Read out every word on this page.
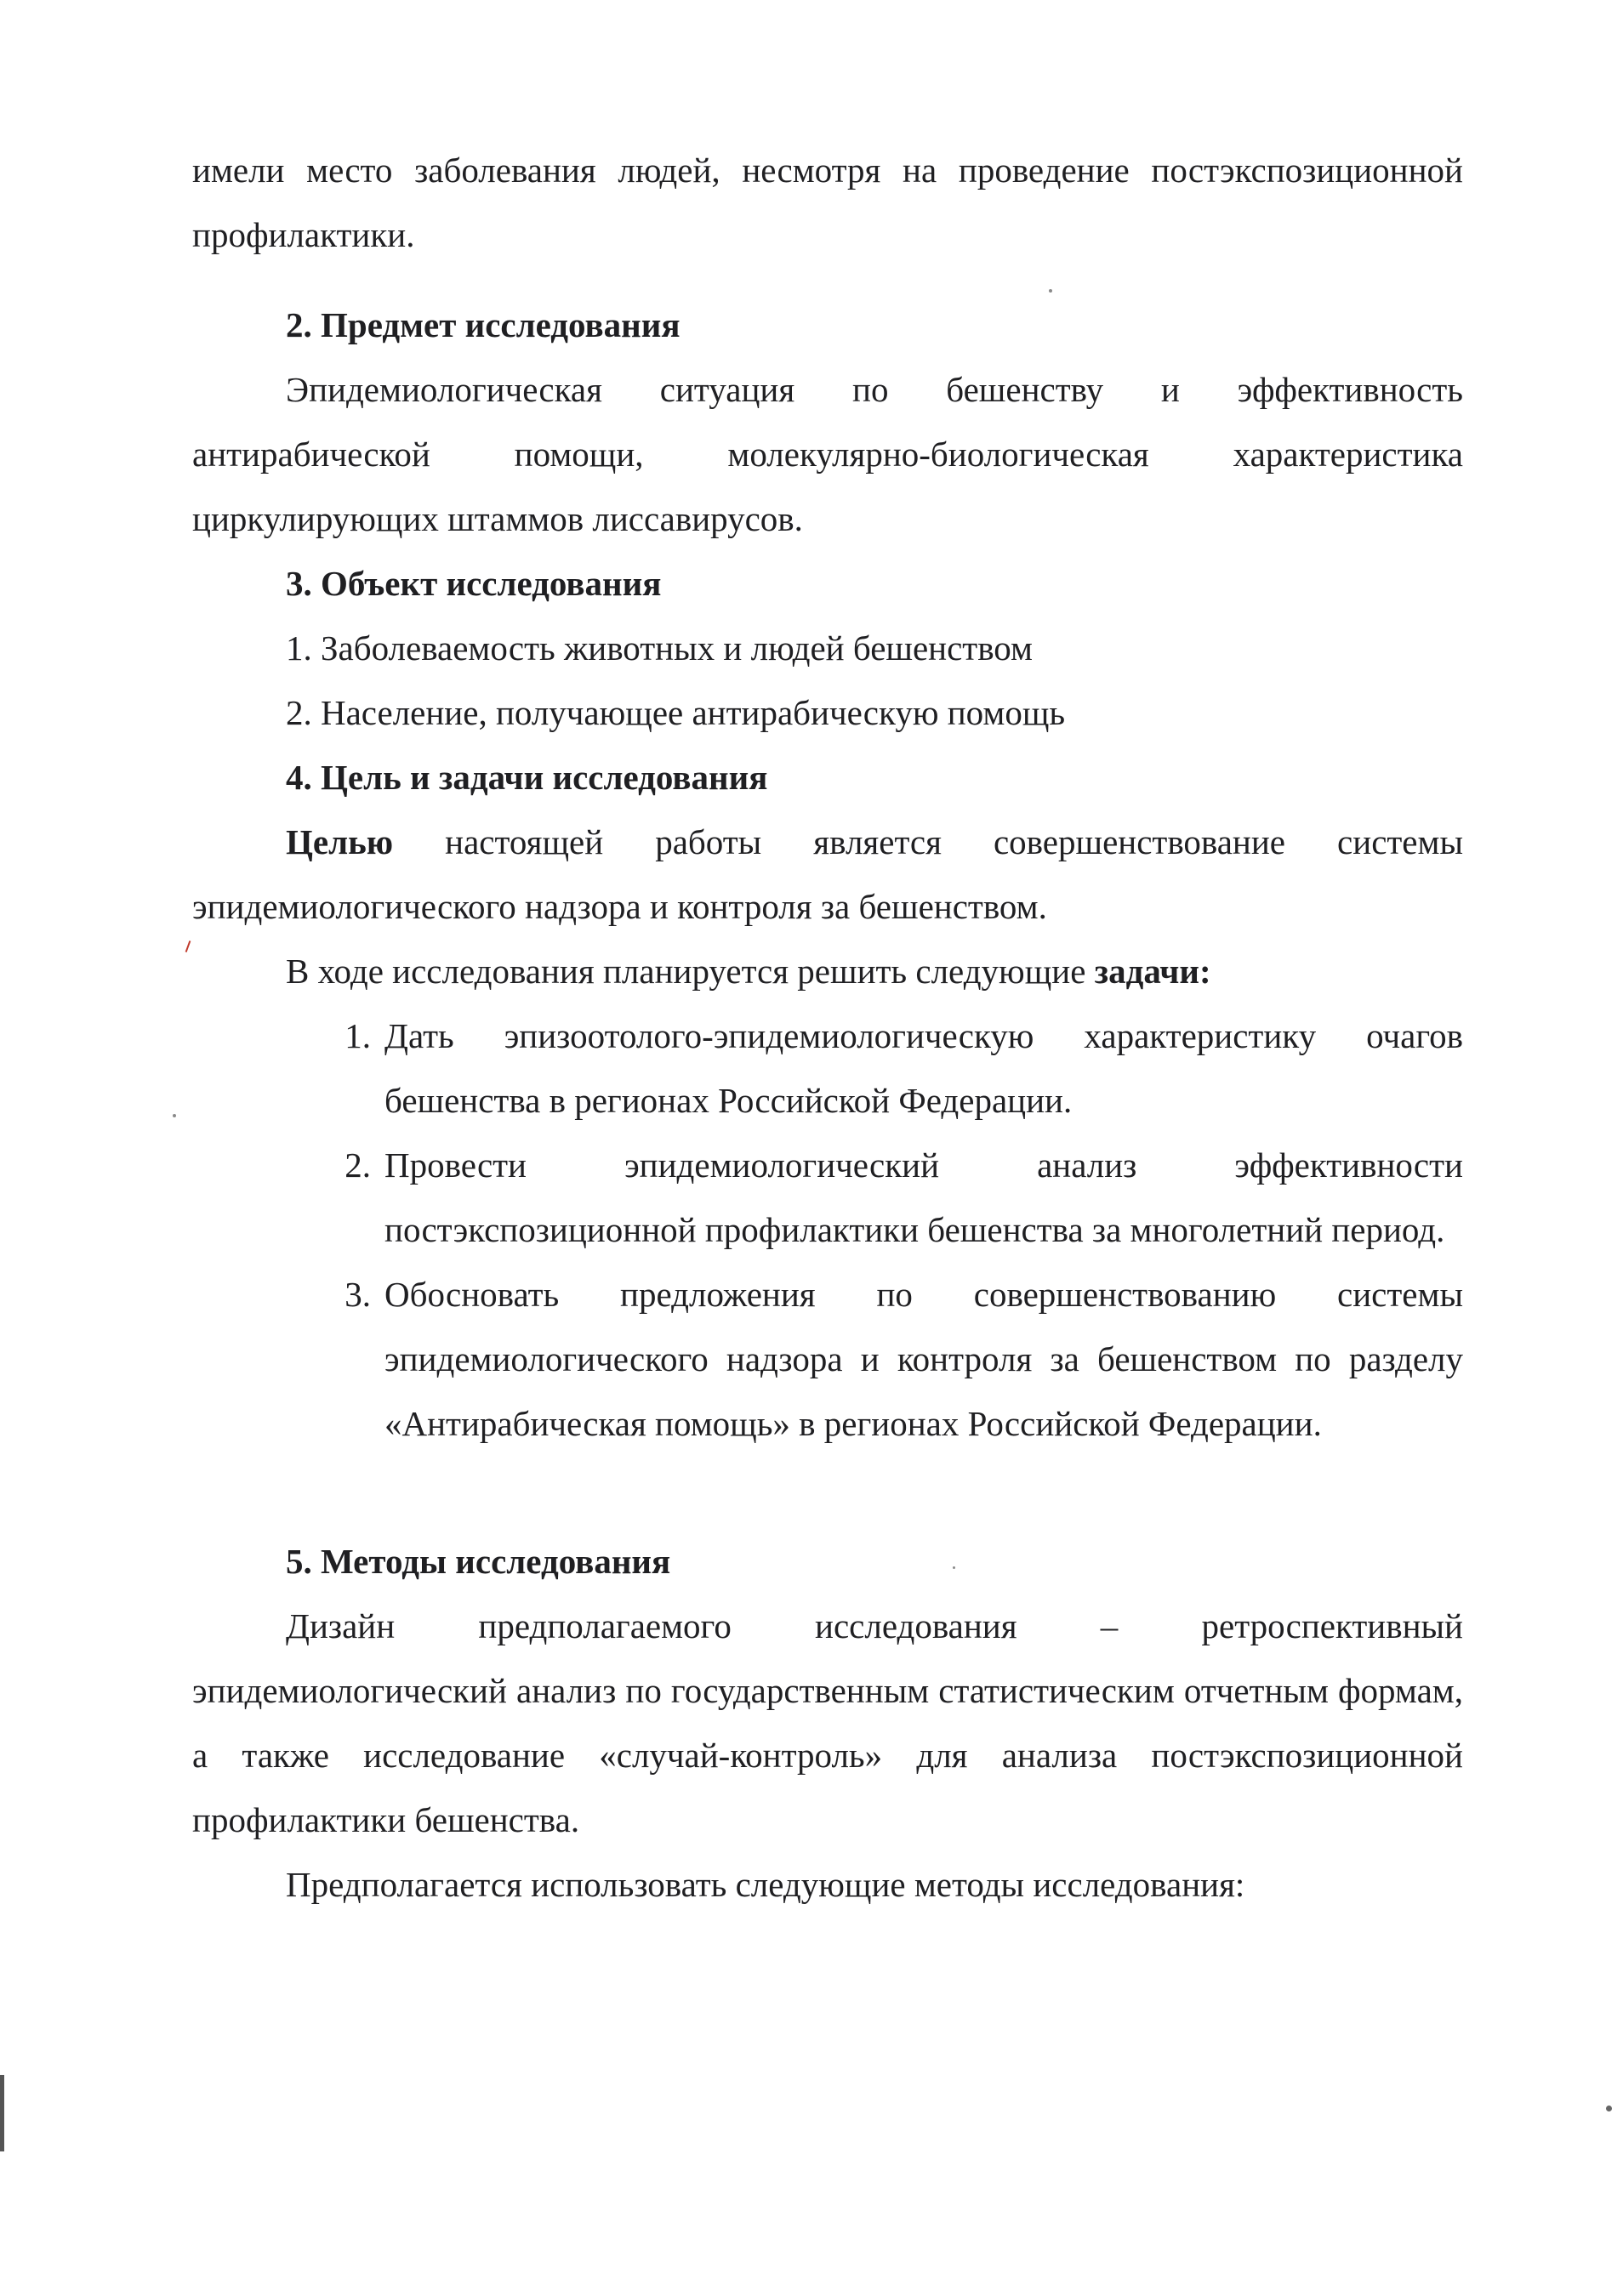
имели место заболевания людей, несмотря на проведение постэкспозиционной профилактики.

2. Предмет исследования

Эпидемиологическая ситуация по бешенству и эффективность антирабической помощи, молекулярно-биологическая характеристика циркулирующих штаммов лиссавирусов.

3. Объект исследования

1. Заболеваемость животных и людей бешенством

2. Население, получающее антирабическую помощь

4. Цель и задачи исследования

Целью настоящей работы является совершенствование системы эпидемиологического надзора и контроля за бешенством.

В ходе исследования планируется решить следующие задачи:

1. Дать эпизоотолого-эпидемиологическую характеристику очагов бешенства в регионах Российской Федерации.
2. Провести эпидемиологический анализ эффективности постэкспозиционной профилактики бешенства за многолетний период.
3. Обосновать предложения по совершенствованию системы эпидемиологического надзора и контроля за бешенством по разделу «Антирабическая помощь» в регионах Российской Федерации.
5. Методы исследования

Дизайн предполагаемого исследования – ретроспективный эпидемиологический анализ по государственным статистическим отчетным формам, а также исследование «случай-контроль» для анализа постэкспозиционной профилактики бешенства.

Предполагается использовать следующие методы исследования:
